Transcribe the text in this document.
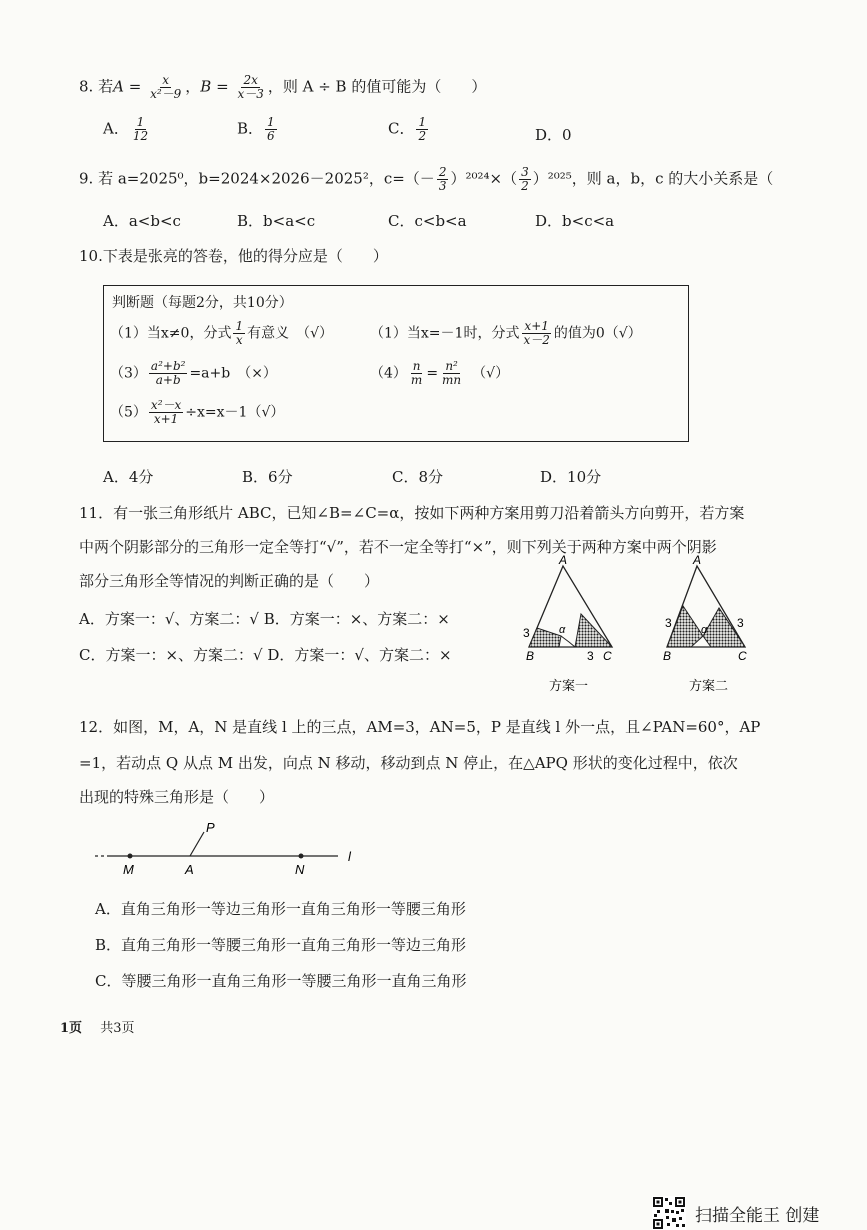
8. 若$A = \frac{x}{\text{x²－9}}$ ，$B = \frac{2x}{x-3}$ ，则 A ÷ B 的值可能为（　　）
A． $\frac{1}{12}$	B． $\frac{1}{6}$	C． $\frac{1}{2}$	D．0
9. 若 a=2025⁰，b=2024×2026－2025²，$c=(- \frac{2}{3} )^{2024}\times( \frac{3}{2} )^{2025}$，则 a，b，c 的大小关系是（
A．a<b<c	B．b<a<c	C．c<b<a	D．b<c<a
10.下表是张亮的答卷，他的得分应是（　　）
判断题（每题2分，共10分）
（1）当x≠0，分式 $\frac{1}{x}$ 有意义　（√）	（1）当x=－1时，分式 $\frac{x+1}{x-2}$ 的值为0（√）
$(3) \frac{\text{a²+b²}}{a+b} =a+b$　（×）	$(4) \frac{n}{m} = \frac{\text{n²}}{mn}$ 　（√）
$(5) \frac{\text{x²－x}}{x+1} \div x=x-1(√)$
A．4分	B．6分	C．8分	D．10分
11．有一张三角形纸片 ABC，已知∠B=∠C=α，按如下两种方案用剪刀沿着箭头方向剪开，若方案
中两个阴影部分的三角形一定全等打“√”，若不一定全等打“×”，则下列关于两种方案中两个阴影
部分三角形全等情况的判断正确的是（　　）
A．方案一：√、方案二：√ B．方案一：×、方案二：×
C．方案一：×、方案二：√ D．方案一：√、方案二：×
A
B	C
3
3
α
方案一
A
B	C
3	3
α
方案二
12．如图，M，A，N 是直线 l 上的三点，AM=3，AN=5，P 是直线 l 外一点，且∠PAN=60°，AP
=1，若动点 Q 从点 M 出发，向点 N 移动，移动到点 N 停止，在△APQ 形状的变化过程中，依次
出现的特殊三角形是（　　）
P
M	A	N
l
A．直角三角形一等边三角形一直角三角形一等腰三角形
B．直角三角形一等腰三角形一直角三角形一等边三角形
C．等腰三角形一直角三角形一等腰三角形一直角三角形
1页 共3页
扫描全能王 创建
